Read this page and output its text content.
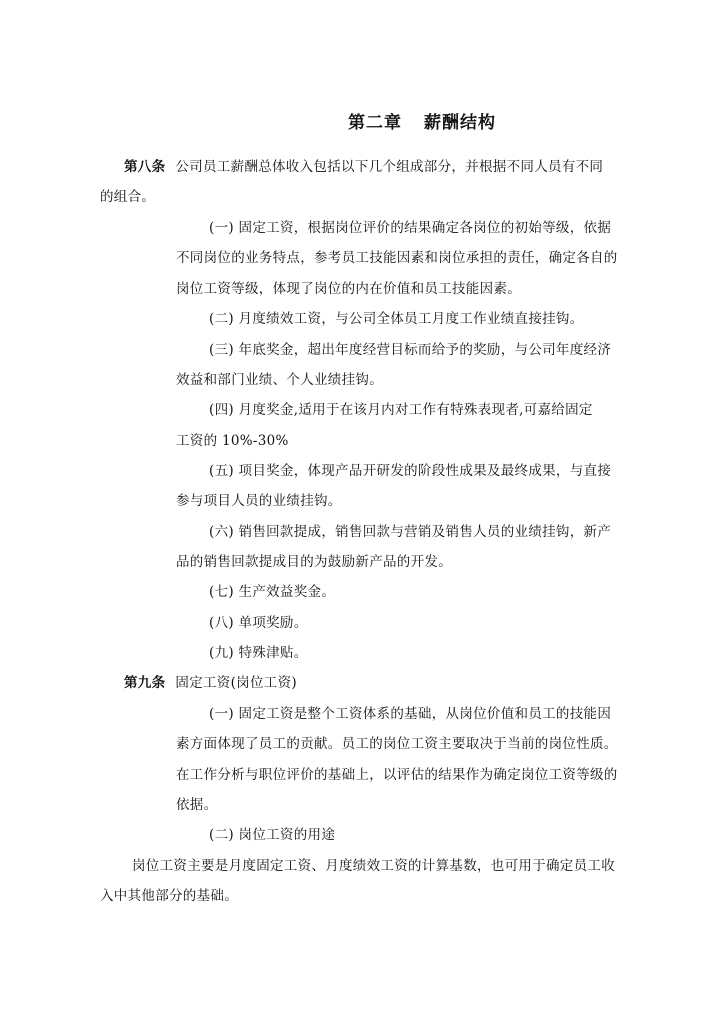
第二章 薪酬结构
第八条 公司员工薪酬总体收入包括以下几个组成部分，并根据不同人员有不同
的组合。
(一) 固定工资，根据岗位评价的结果确定各岗位的初始等级，依据
不同岗位的业务特点，参考员工技能因素和岗位承担的责任，确定各自的
岗位工资等级，体现了岗位的内在价值和员工技能因素。
(二) 月度绩效工资，与公司全体员工月度工作业绩直接挂钩。
(三) 年底奖金，超出年度经营目标而给予的奖励，与公司年度经济
效益和部门业绩、个人业绩挂钩。
(四) 月度奖金,适用于在该月内对工作有特殊表现者,可嘉给固定
工资的 10%-30%
(五) 项目奖金，体现产品开研发的阶段性成果及最终成果，与直接
参与项目人员的业绩挂钩。
(六) 销售回款提成，销售回款与营销及销售人员的业绩挂钩，新产
品的销售回款提成目的为鼓励新产品的开发。
(七) 生产效益奖金。
(八) 单项奖励。
(九) 特殊津贴。
第九条 固定工资(岗位工资)
(一) 固定工资是整个工资体系的基础，从岗位价值和员工的技能因
素方面体现了员工的贡献。员工的岗位工资主要取决于当前的岗位性质。
在工作分析与职位评价的基础上，以评估的结果作为确定岗位工资等级的
依据。
(二) 岗位工资的用途
岗位工资主要是月度固定工资、月度绩效工资的计算基数，也可用于确定员工收
入中其他部分的基础。
